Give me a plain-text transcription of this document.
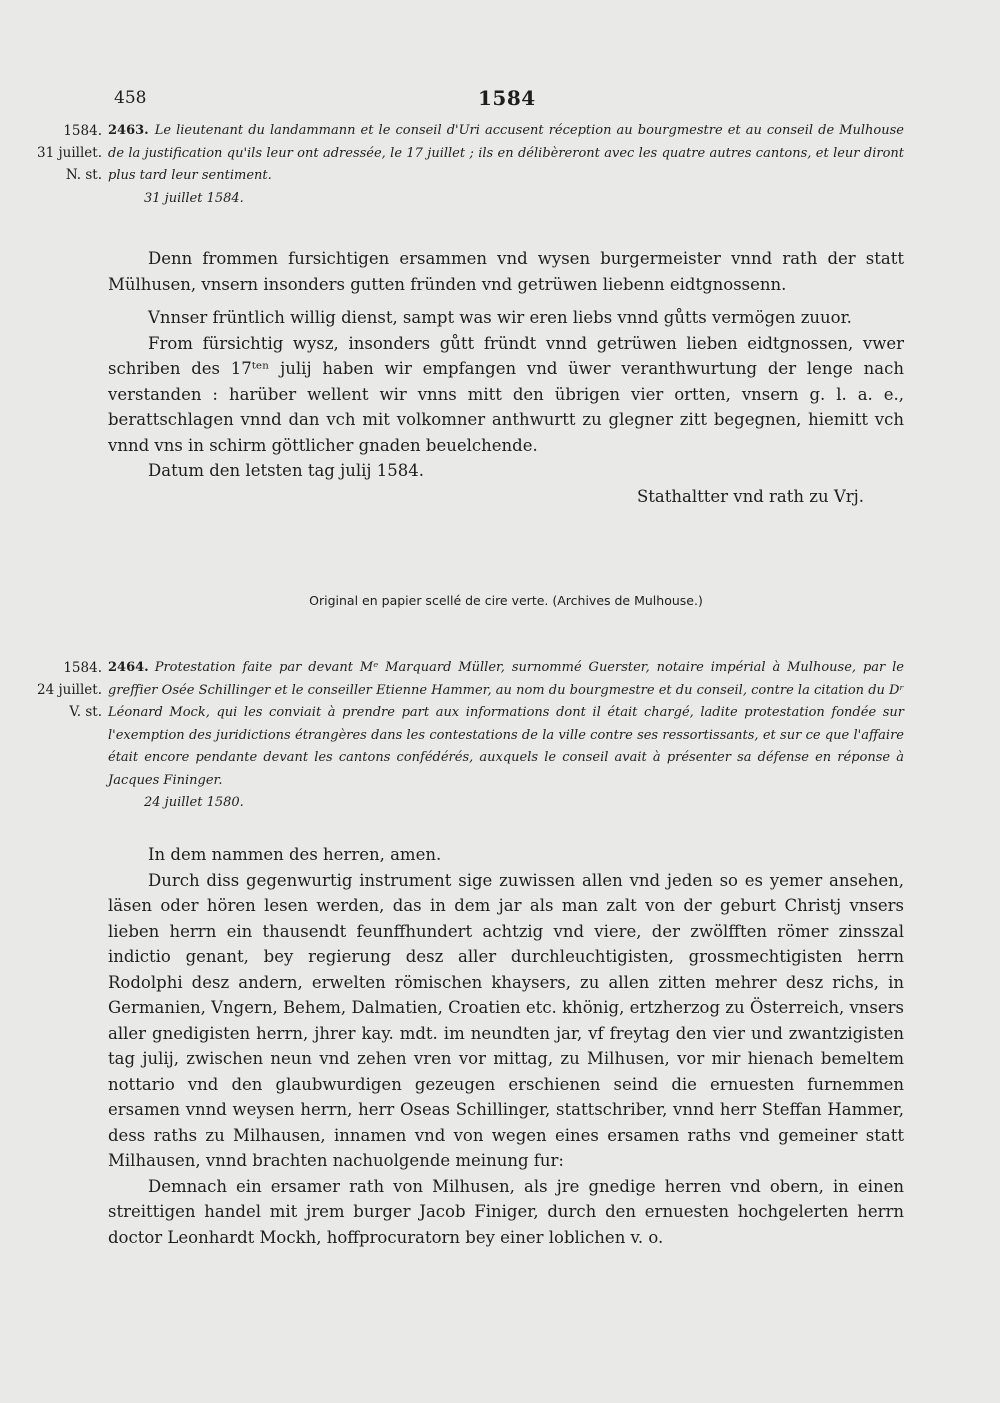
458	1584
1584.
31 juillet.
N. st.
2463. Le lieutenant du landammann et le conseil d'Uri accusent réception au bourgmestre et au conseil de Mulhouse de la justification qu'ils leur ont adressée, le 17 juillet ; ils en délibèreront avec les quatre autres cantons, et leur diront plus tard leur sentiment.
31 juillet 1584.

Denn frommen fursichtigen ersammen vnd wysen burgermeister vnnd rath der statt Mülhusen, vnsern insonders gutten fründen vnd getrüwen liebenn eidtgnossenn.

Vnnser früntlich willig dienst, sampt was wir eren liebs vnnd gůtts vermögen zuuor.

From fürsichtig wysz, insonders gůtt fründt vnnd getrüwen lieben eidtgnossen, vwer schriben des 17ᵗᵉⁿ julij haben wir empfangen vnd üwer veranthwurtung der lenge nach verstanden : harüber wellent wir vnns mitt den übrigen vier ortten, vnsern g. l. a. e., berattschlagen vnnd dan vch mit volkomner anthwurtt zu glegner zitt begegnen, hiemitt vch vnnd vns in schirm göttlicher gnaden beuelchende.

Datum den letsten tag julij 1584.

Stathaltter vnd rath zu Vrj.

Original en papier scellé de cire verte. (Archives de Mulhouse.)
1584.
24 juillet.
V. st.
2464. Protestation faite par devant Mᵉ Marquard Müller, surnommé Guerster, notaire impérial à Mulhouse, par le greffier Osée Schillinger et le conseiller Etienne Hammer, au nom du bourgmestre et du conseil, contre la citation du Dʳ Léonard Mock, qui les conviait à prendre part aux informations dont il était chargé, ladite protestation fondée sur l'exemption des juridictions étrangères dans les contestations de la ville contre ses ressortissants, et sur ce que l'affaire était encore pendante devant les cantons confédérés, auxquels le conseil avait à présenter sa défense en réponse à Jacques Fininger.
24 juillet 1580.

In dem nammen des herren, amen.

Durch diss gegenwurtig instrument sige zuwissen allen vnd jeden so es yemer ansehen, läsen oder hören lesen werden, das in dem jar als man zalt von der geburt Christj vnsers lieben herrn ein thausendt feunffhundert achtzig vnd viere, der zwölfften römer zinsszal indictio genant, bey regierung desz aller durchleuchtigisten, grossmechtigisten herrn Rodolphi desz andern, erwelten römischen khaysers, zu allen zitten mehrer desz richs, in Germanien, Vngern, Behem, Dalmatien, Croatien etc. khönig, ertzherzog zu Österreich, vnsers aller gnedigisten herrn, jhrer kay. mdt. im neundten jar, vf freytag den vier und zwantzigisten tag julij, zwischen neun vnd zehen vren vor mittag, zu Milhusen, vor mir hienach bemeltem nottario vnd den glaubwurdigen gezeugen erschienen seind die ernuesten furnemmen ersamen vnnd weysen herrn, herr Oseas Schillinger, stattschriber, vnnd herr Steffan Hammer, dess raths zu Milhausen, innamen vnd von wegen eines ersamen raths vnd gemeiner statt Milhausen, vnnd brachten nachuolgende meinung fur:

Demnach ein ersamer rath von Milhusen, als jre gnedige herren vnd obern, in einen streittigen handel mit jrem burger Jacob Finiger, durch den ernuesten hochgelerten herrn doctor Leonhardt Mockh, hoffprocuratorn bey einer loblichen v. o.
